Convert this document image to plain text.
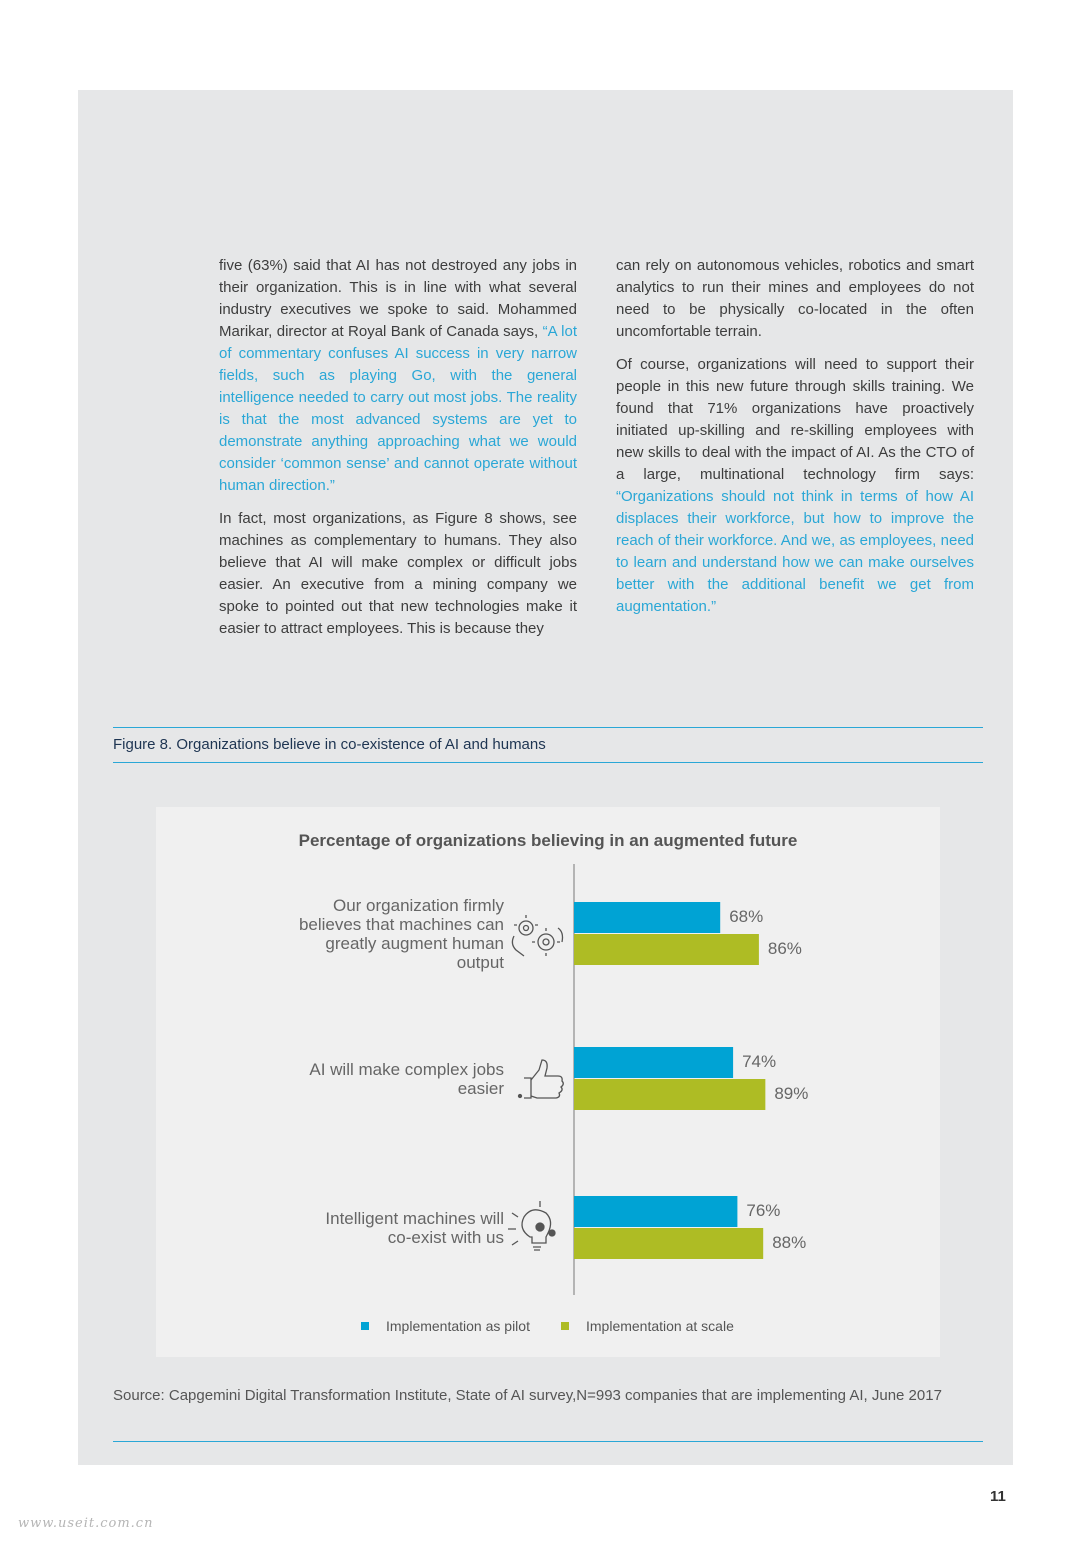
five (63%) said that AI has not destroyed any jobs in their organization. This is in line with what several industry executives we spoke to said. Mohammed Marikar, director at Royal Bank of Canada says, “A lot of commentary confuses AI success in very narrow fields, such as playing Go, with the general intelligence needed to carry out most jobs. The reality is that the most advanced systems are yet to demonstrate anything approaching what we would consider ‘common sense’ and cannot operate without human direction.”

In fact, most organizations, as Figure 8 shows, see machines as complementary to humans. They also believe that AI will make complex or difficult jobs easier. An executive from a mining company we spoke to pointed out that new technologies make it easier to attract employees. This is because they

can rely on autonomous vehicles, robotics and smart analytics to run their mines and employees do not need to be physically co-located in the often uncomfortable terrain.

Of course, organizations will need to support their people in this new future through skills training. We found that 71% organizations have proactively initiated up-skilling and re-skilling employees with new skills to deal with the impact of AI. As the CTO of a large, multinational technology firm says: “Organizations should not think in terms of how AI displaces their workforce, but how to improve the reach of their workforce. And we, as employees, need to learn and understand how we can make ourselves better with the additional benefit we get from augmentation.”

Figure 8. Organizations believe in co-existence of AI and humans
Percentage of organizations believing in an augmented future
68%
86%
74%
89%
76%
88%
Our organization firmly believes that machines can greatly augment human output
AI will make complex jobs easier
Intelligent machines will co-exist with us
Implementation as pilot	Implementation at scale
Source: Capgemini Digital Transformation Institute, State of AI survey,N=993 companies that are implementing AI, June 2017
11
www.useit.com.cn
